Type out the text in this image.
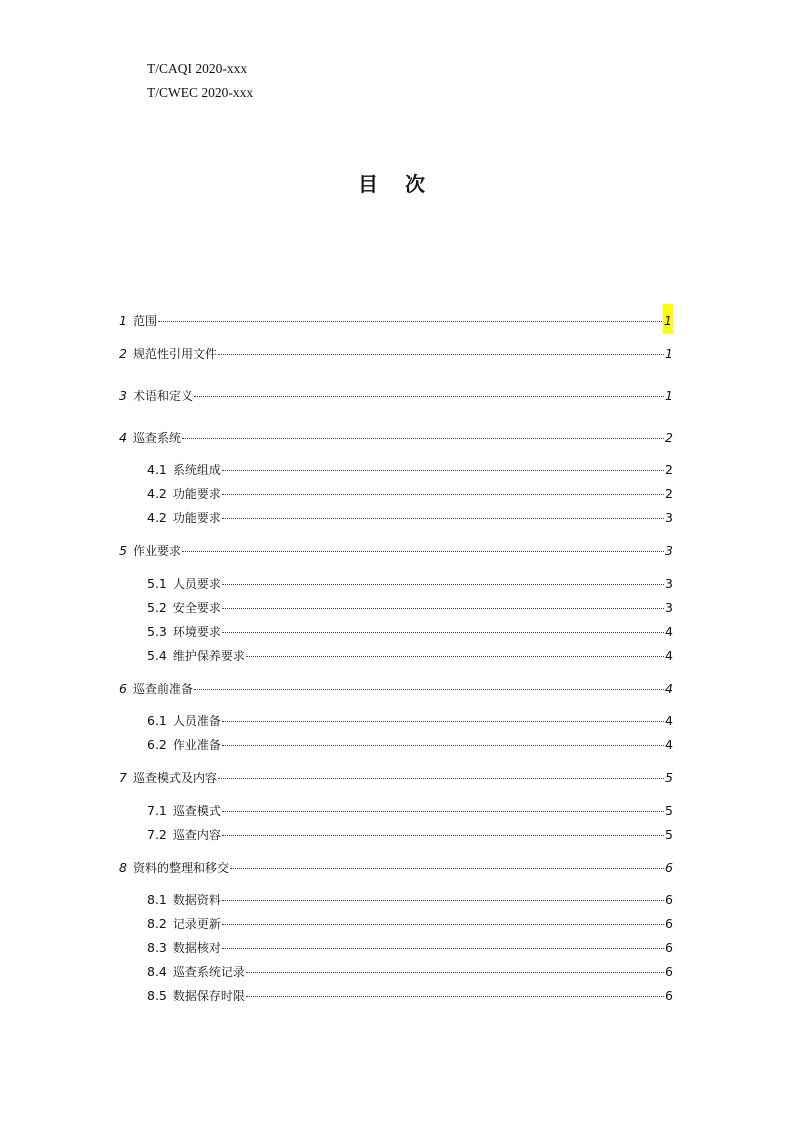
T/CAQI 2020-xxx
T/CWEC 2020-xxx
目 次
1 范围	1
2 规范性引用文件	1
3 术语和定义	1
4 巡查系统	2
4.1 系统组成	2
4.2 功能要求	2
4.2 功能要求	3
5 作业要求	3
5.1 人员要求	3
5.2 安全要求	3
5.3 环境要求	4
5.4 维护保养要求	4
6 巡查前准备	4
6.1 人员准备	4
6.2 作业准备	4
7 巡查模式及内容	5
7.1 巡查模式	5
7.2 巡查内容	5
8 资料的整理和移交	6
8.1 数据资料	6
8.2 记录更新	6
8.3 数据核对	6
8.4 巡查系统记录	6
8.5 数据保存时限	6
